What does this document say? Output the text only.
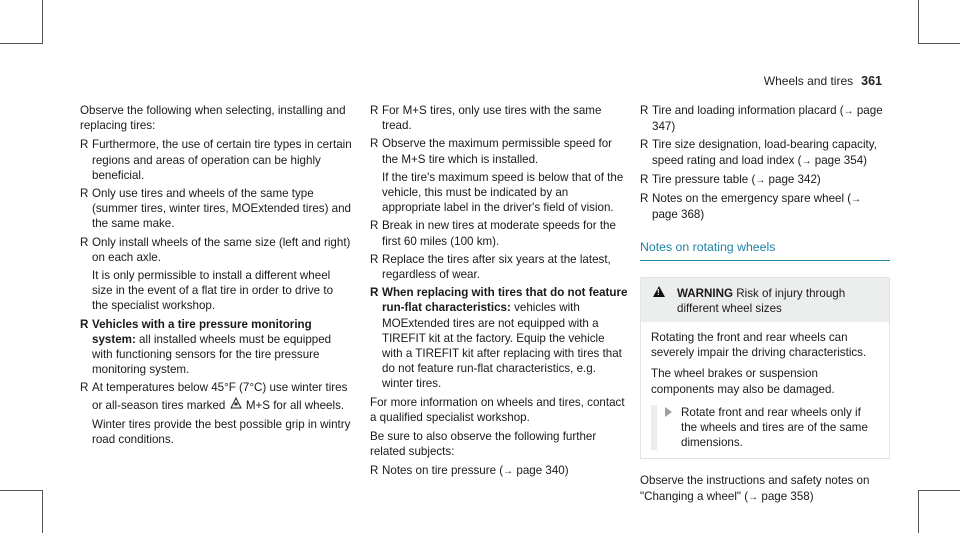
Wheels and tires 361

Observe the following when selecting, installing and replacing tires:

R Furthermore, the use of certain tire types in certain regions and areas of operation can be highly beneficial.

R Only use tires and wheels of the same type (summer tires, winter tires, MOExtended tires) and the same make.

R Only install wheels of the same size (left and right) on each axle.

It is only permissible to install a different wheel size in the event of a flat tire in order to drive to the specialist workshop.

R Vehicles with a tire pressure monitoring system: all installed wheels must be equipped with functioning sensors for the tire pressure monitoring system.

R At temperatures below 45°F (7°C) use winter tires or all-season tires marked  M+S for all wheels.

Winter tires provide the best possible grip in wintry road conditions.

R For M+S tires, only use tires with the same tread.

R Observe the maximum permissible speed for the M+S tire which is installed.

If the tire's maximum speed is below that of the vehicle, this must be indicated by an appropriate label in the driver's field of vision.

R Break in new tires at moderate speeds for the first 60 miles (100 km).

R Replace the tires after six years at the latest, regardless of wear.

R When replacing with tires that do not feature run-flat characteristics: vehicles with MOExtended tires are not equipped with a TIREFIT kit at the factory. Equip the vehicle with a TIREFIT kit after replacing with tires that do not feature run-flat characteristics, e.g. winter tires.

For more information on wheels and tires, contact a qualified specialist workshop.

Be sure to also observe the following further related subjects:

R Notes on tire pressure (→ page 340)

R Tire and loading information placard (→ page 347)

R Tire size designation, load-bearing capacity, speed rating and load index (→ page 354)

R Tire pressure table (→ page 342)

R Notes on the emergency spare wheel (→ page 368)

Notes on rotating wheels
!
WARNING Risk of injury through different wheel sizes

Rotating the front and rear wheels can severely impair the driving characteristics.

The wheel brakes or suspension components may also be damaged.

Rotate front and rear wheels only if the wheels and tires are of the same dimensions.

Observe the instructions and safety notes on "Changing a wheel" (→ page 358)
